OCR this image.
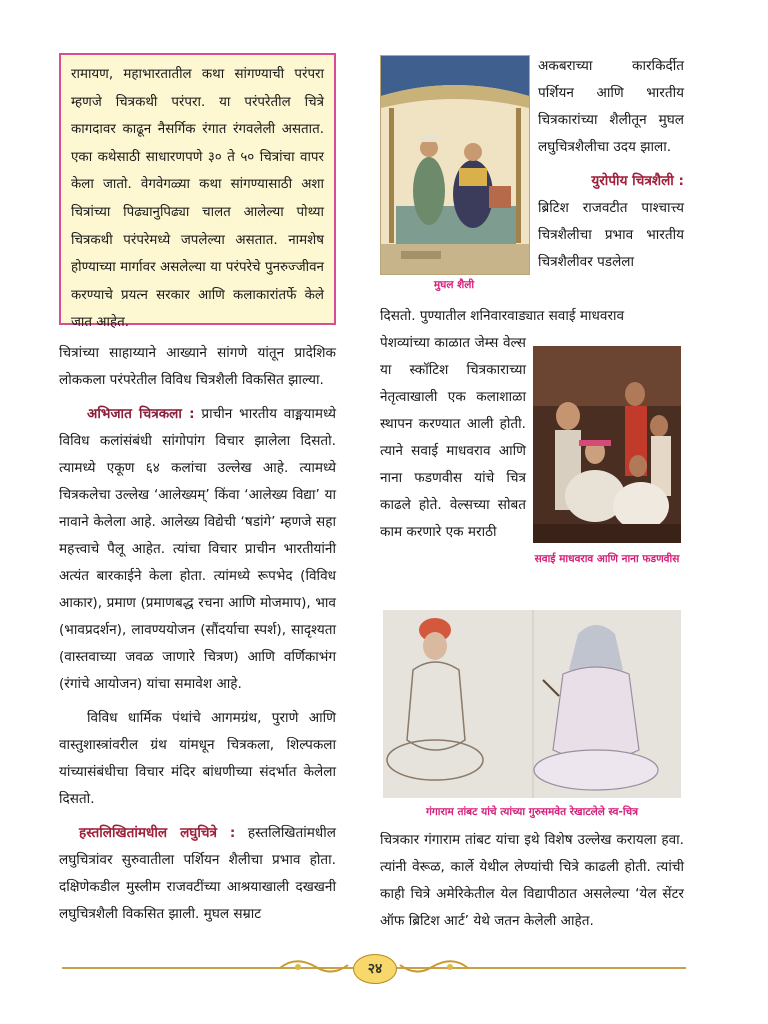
रामायण, महाभारतातील कथा सांगण्याची परंपरा म्हणजे चित्रकथी परंपरा. या परंपरेतील चित्रे कागदावर काढून नैसर्गिक रंगात रंगवलेली असतात. एका कथेसाठी साधारणपणे ३० ते ५० चित्रांचा वापर केला जातो. वेगवेगळ्या कथा सांगण्यासाठी अशा चित्रांच्या पिढ्यानुपिढ्या चालत आलेल्या पोथ्या चित्रकथी परंपरेमध्ये जपलेल्या असतात. नामशेष होण्याच्या मार्गावर असलेल्या या परंपरेचे पुनरुज्जीवन करण्याचे प्रयत्न सरकार आणि कलाकारांतर्फे केले जात आहेत.

चित्रांच्या साहाय्याने आख्याने सांगणे यांतून प्रादेशिक लोककला परंपरेतील विविध चित्रशैली विकसित झाल्या.

अभिजात चित्रकला : प्राचीन भारतीय वाङ्मयामध्ये विविध कलांसंबंधी सांगोपांग विचार झालेला दिसतो. त्यामध्ये एकूण ६४ कलांचा उल्लेख आहे. त्यामध्ये चित्रकलेचा उल्लेख ‘आलेख्यम्’ किंवा ‘आलेख्य विद्या’ या नावाने केलेला आहे. आलेख्य विद्येची ‘षडांगे’ म्हणजे सहा महत्त्वाचे पैलू आहेत. त्यांचा विचार प्राचीन भारतीयांनी अत्यंत बारकाईने केला होता. त्यांमध्ये रूपभेद (विविध आकार), प्रमाण (प्रमाणबद्ध रचना आणि मोजमाप), भाव (भावप्रदर्शन), लावण्ययोजन (सौंदर्याचा स्पर्श), सादृश्यता (वास्तवाच्या जवळ जाणारे चित्रण) आणि वर्णिकाभंग (रंगांचे आयोजन) यांचा समावेश आहे.

विविध धार्मिक पंथांचे आगमग्रंथ, पुराणे आणि वास्तुशास्त्रांवरील ग्रंथ यांमधून चित्रकला, शिल्पकला यांच्यासंबंधीचा विचार मंदिर बांधणीच्या संदर्भात केलेला दिसतो.

हस्तलिखितांमधील लघुचित्रे : हस्तलिखितांमधील लघुचित्रांवर सुरुवातीला पर्शियन शैलीचा प्रभाव होता. दक्षिणेकडील मुस्लीम राजवटींच्या आश्रयाखाली दखखनी लघुचित्रशैली विकसित झाली. मुघल सम्राट

मुघल शैली

अकबराच्या कारकिर्दीत पर्शियन आणि भारतीय चित्रकारांच्या शैलीतून मुघल लघुचित्रशैलीचा उदय झाला.

युरोपीय चित्रशैली :

ब्रिटिश राजवटीत पाश्चात्त्य चित्रशैलीचा प्रभाव भारतीय चित्रशैलीवर पडलेला

दिसतो. पुण्यातील शनिवारवाड्यात सवाई माधवराव

पेशव्यांच्या काळात जेम्स वेल्स या स्कॉटिश चित्रकाराच्या नेतृत्वाखाली एक कलाशाळा स्थापन करण्यात आली होती. त्याने सवाई माधवराव आणि नाना फडणवीस यांचे चित्र काढले होते. वेल्सच्या सोबत काम करणारे एक मराठी

सवाई माधवराव आणि नाना फडणवीस
गंगाराम तांबट यांचे त्यांच्या गुरुसमवेत रेखाटलेले स्व-चित्र

चित्रकार गंगाराम तांबट यांचा इथे विशेष उल्लेख करायला हवा. त्यांनी वेरूळ, कार्ले येथील लेण्यांची चित्रे काढली होती. त्यांची काही चित्रे अमेरिकेतील येल विद्यापीठात असलेल्या ‘येल सेंटर ऑफ ब्रिटिश आर्ट’ येथे जतन केलेली आहेत.

२४
